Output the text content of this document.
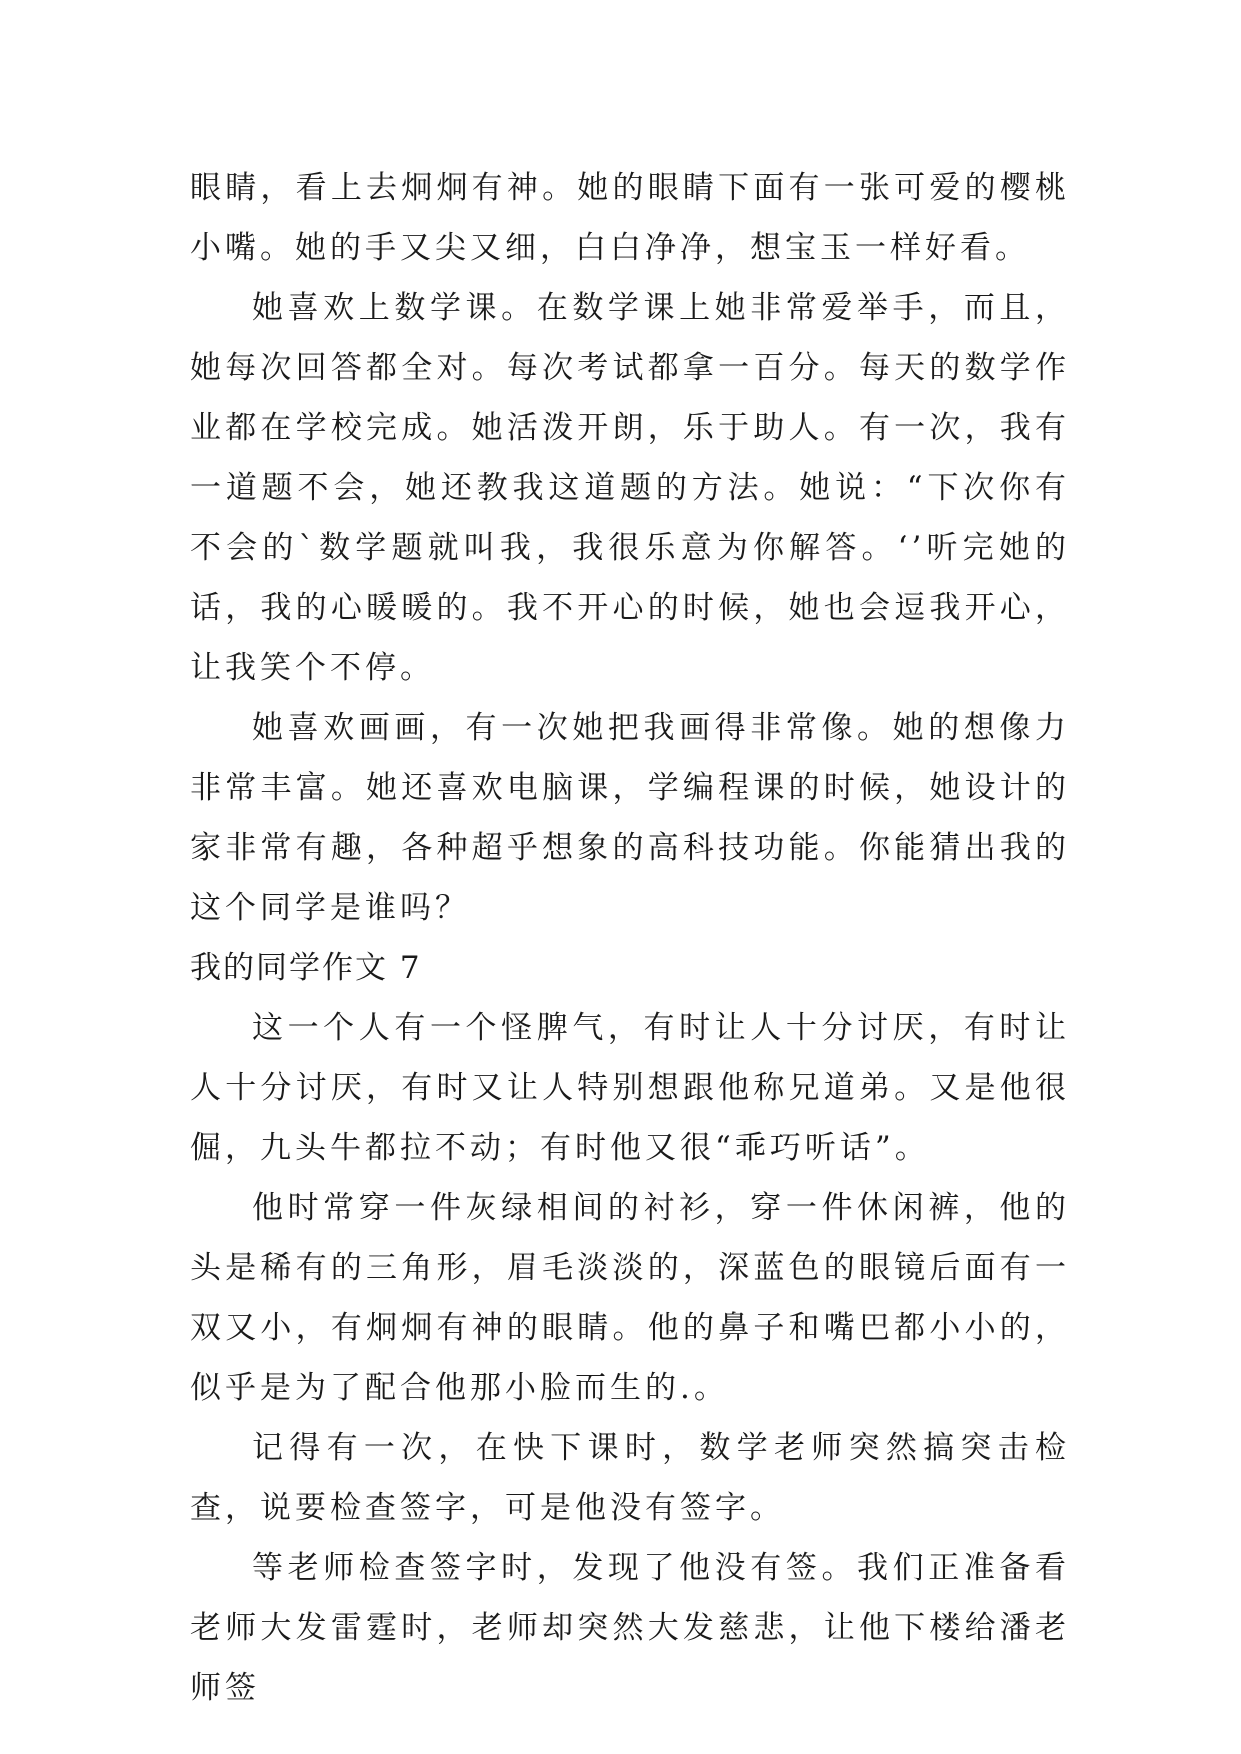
眼睛，看上去炯炯有神。她的眼睛下面有一张可爱的樱桃小嘴。她的手又尖又细，白白净净，想宝玉一样好看。

她喜欢上数学课。在数学课上她非常爱举手，而且，她每次回答都全对。每次考试都拿一百分。每天的数学作业都在学校完成。她活泼开朗，乐于助人。有一次，我有一道题不会，她还教我这道题的方法。她说：“下次你有不会的`数学题就叫我，我很乐意为你解答。‘’听完她的话，我的心暖暖的。我不开心的时候，她也会逗我开心，让我笑个不停。

她喜欢画画，有一次她把我画得非常像。她的想像力非常丰富。她还喜欢电脑课，学编程课的时候，她设计的家非常有趣，各种超乎想象的高科技功能。你能猜出我的这个同学是谁吗？

我的同学作文 7

这一个人有一个怪脾气，有时让人十分讨厌，有时让人十分讨厌，有时又让人特别想跟他称兄道弟。又是他很倔，九头牛都拉不动；有时他又很“乖巧听话”。

他时常穿一件灰绿相间的衬衫，穿一件休闲裤，他的头是稀有的三角形，眉毛淡淡的，深蓝色的眼镜后面有一双又小，有炯炯有神的眼睛。他的鼻子和嘴巴都小小的，似乎是为了配合他那小脸而生的.。

记得有一次，在快下课时，数学老师突然搞突击检查，说要检查签字，可是他没有签字。

等老师检查签字时，发现了他没有签。我们正准备看老师大发雷霆时，老师却突然大发慈悲，让他下楼给潘老师签
